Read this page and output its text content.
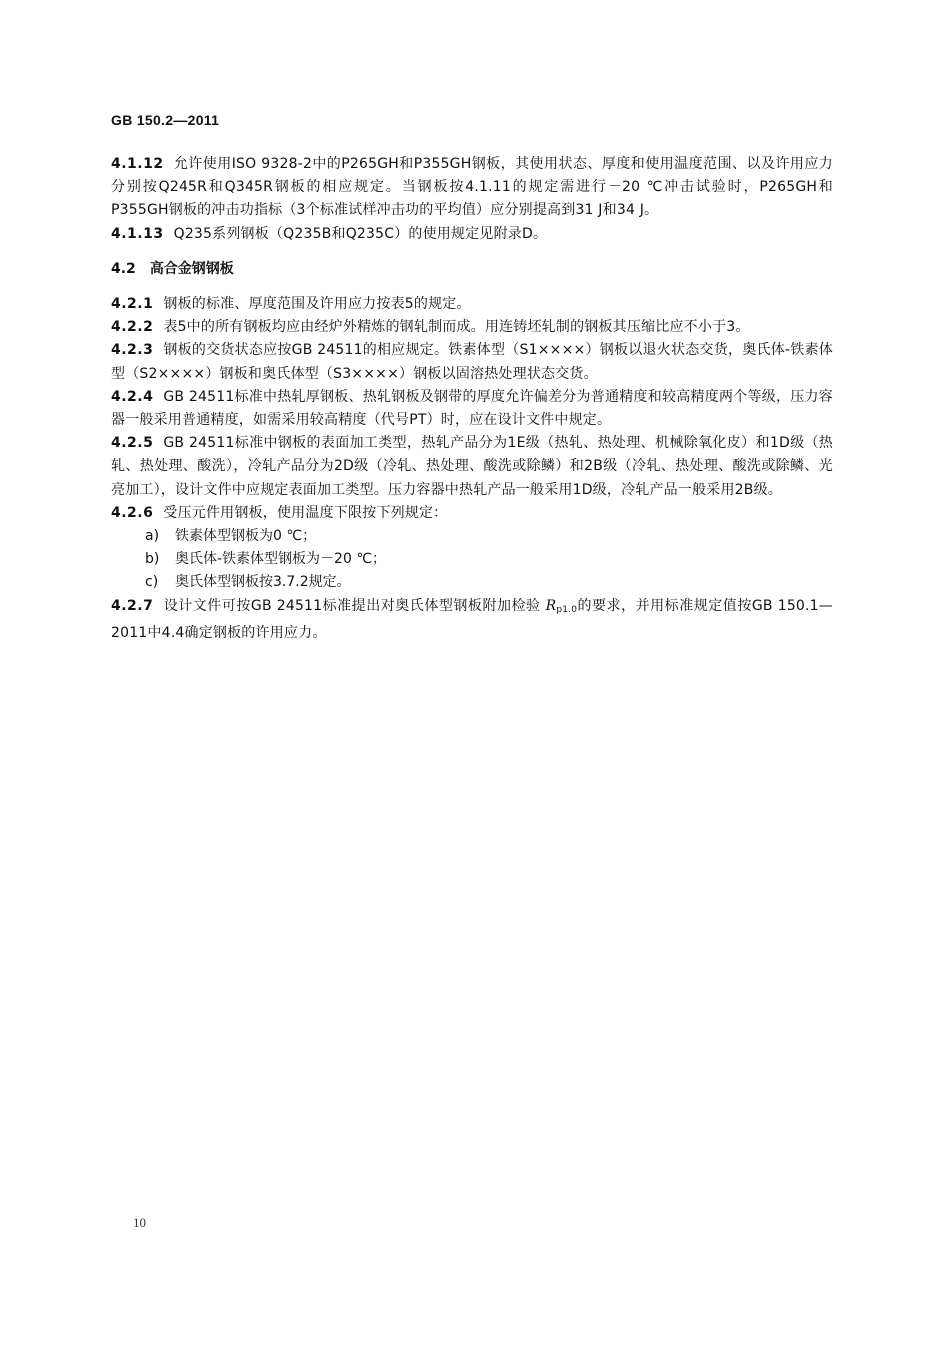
GB 150.2—2011

4.1.12 允许使用ISO 9328-2中的P265GH和P355GH钢板，其使用状态、厚度和使用温度范围、以及许用应力分别按Q245R和Q345R钢板的相应规定。当钢板按4.1.11的规定需进行－20 ℃冲击试验时，P265GH和P355GH钢板的冲击功指标（3个标准试样冲击功的平均值）应分别提高到31 J和34 J。

4.1.13 Q235系列钢板（Q235B和Q235C）的使用规定见附录D。

4.2 高合金钢钢板

4.2.1 钢板的标准、厚度范围及许用应力按表5的规定。

4.2.2 表5中的所有钢板均应由经炉外精炼的钢轧制而成。用连铸坯轧制的钢板其压缩比应不小于3。

4.2.3 钢板的交货状态应按GB 24511的相应规定。铁素体型（S1××××）钢板以退火状态交货，奥氏体-铁素体型（S2××××）钢板和奥氏体型（S3××××）钢板以固溶热处理状态交货。

4.2.4 GB 24511标准中热轧厚钢板、热轧钢板及钢带的厚度允许偏差分为普通精度和较高精度两个等级，压力容器一般采用普通精度，如需采用较高精度（代号PT）时，应在设计文件中规定。

4.2.5 GB 24511标准中钢板的表面加工类型，热轧产品分为1E级（热轧、热处理、机械除氧化皮）和1D级（热轧、热处理、酸洗），冷轧产品分为2D级（冷轧、热处理、酸洗或除鳞）和2B级（冷轧、热处理、酸洗或除鳞、光亮加工），设计文件中应规定表面加工类型。压力容器中热轧产品一般采用1D级，冷轧产品一般采用2B级。

4.2.6 受压元件用钢板，使用温度下限按下列规定：

a) 铁素体型钢板为0 ℃；

b) 奥氏体-铁素体型钢板为－20 ℃；

c) 奥氏体型钢板按3.7.2规定。

4.2.7 设计文件可按GB 24511标准提出对奥氏体型钢板附加检验 $R_{p1.0}$的要求，并用标准规定值按GB 150.1—2011中4.4确定钢板的许用应力。

10
